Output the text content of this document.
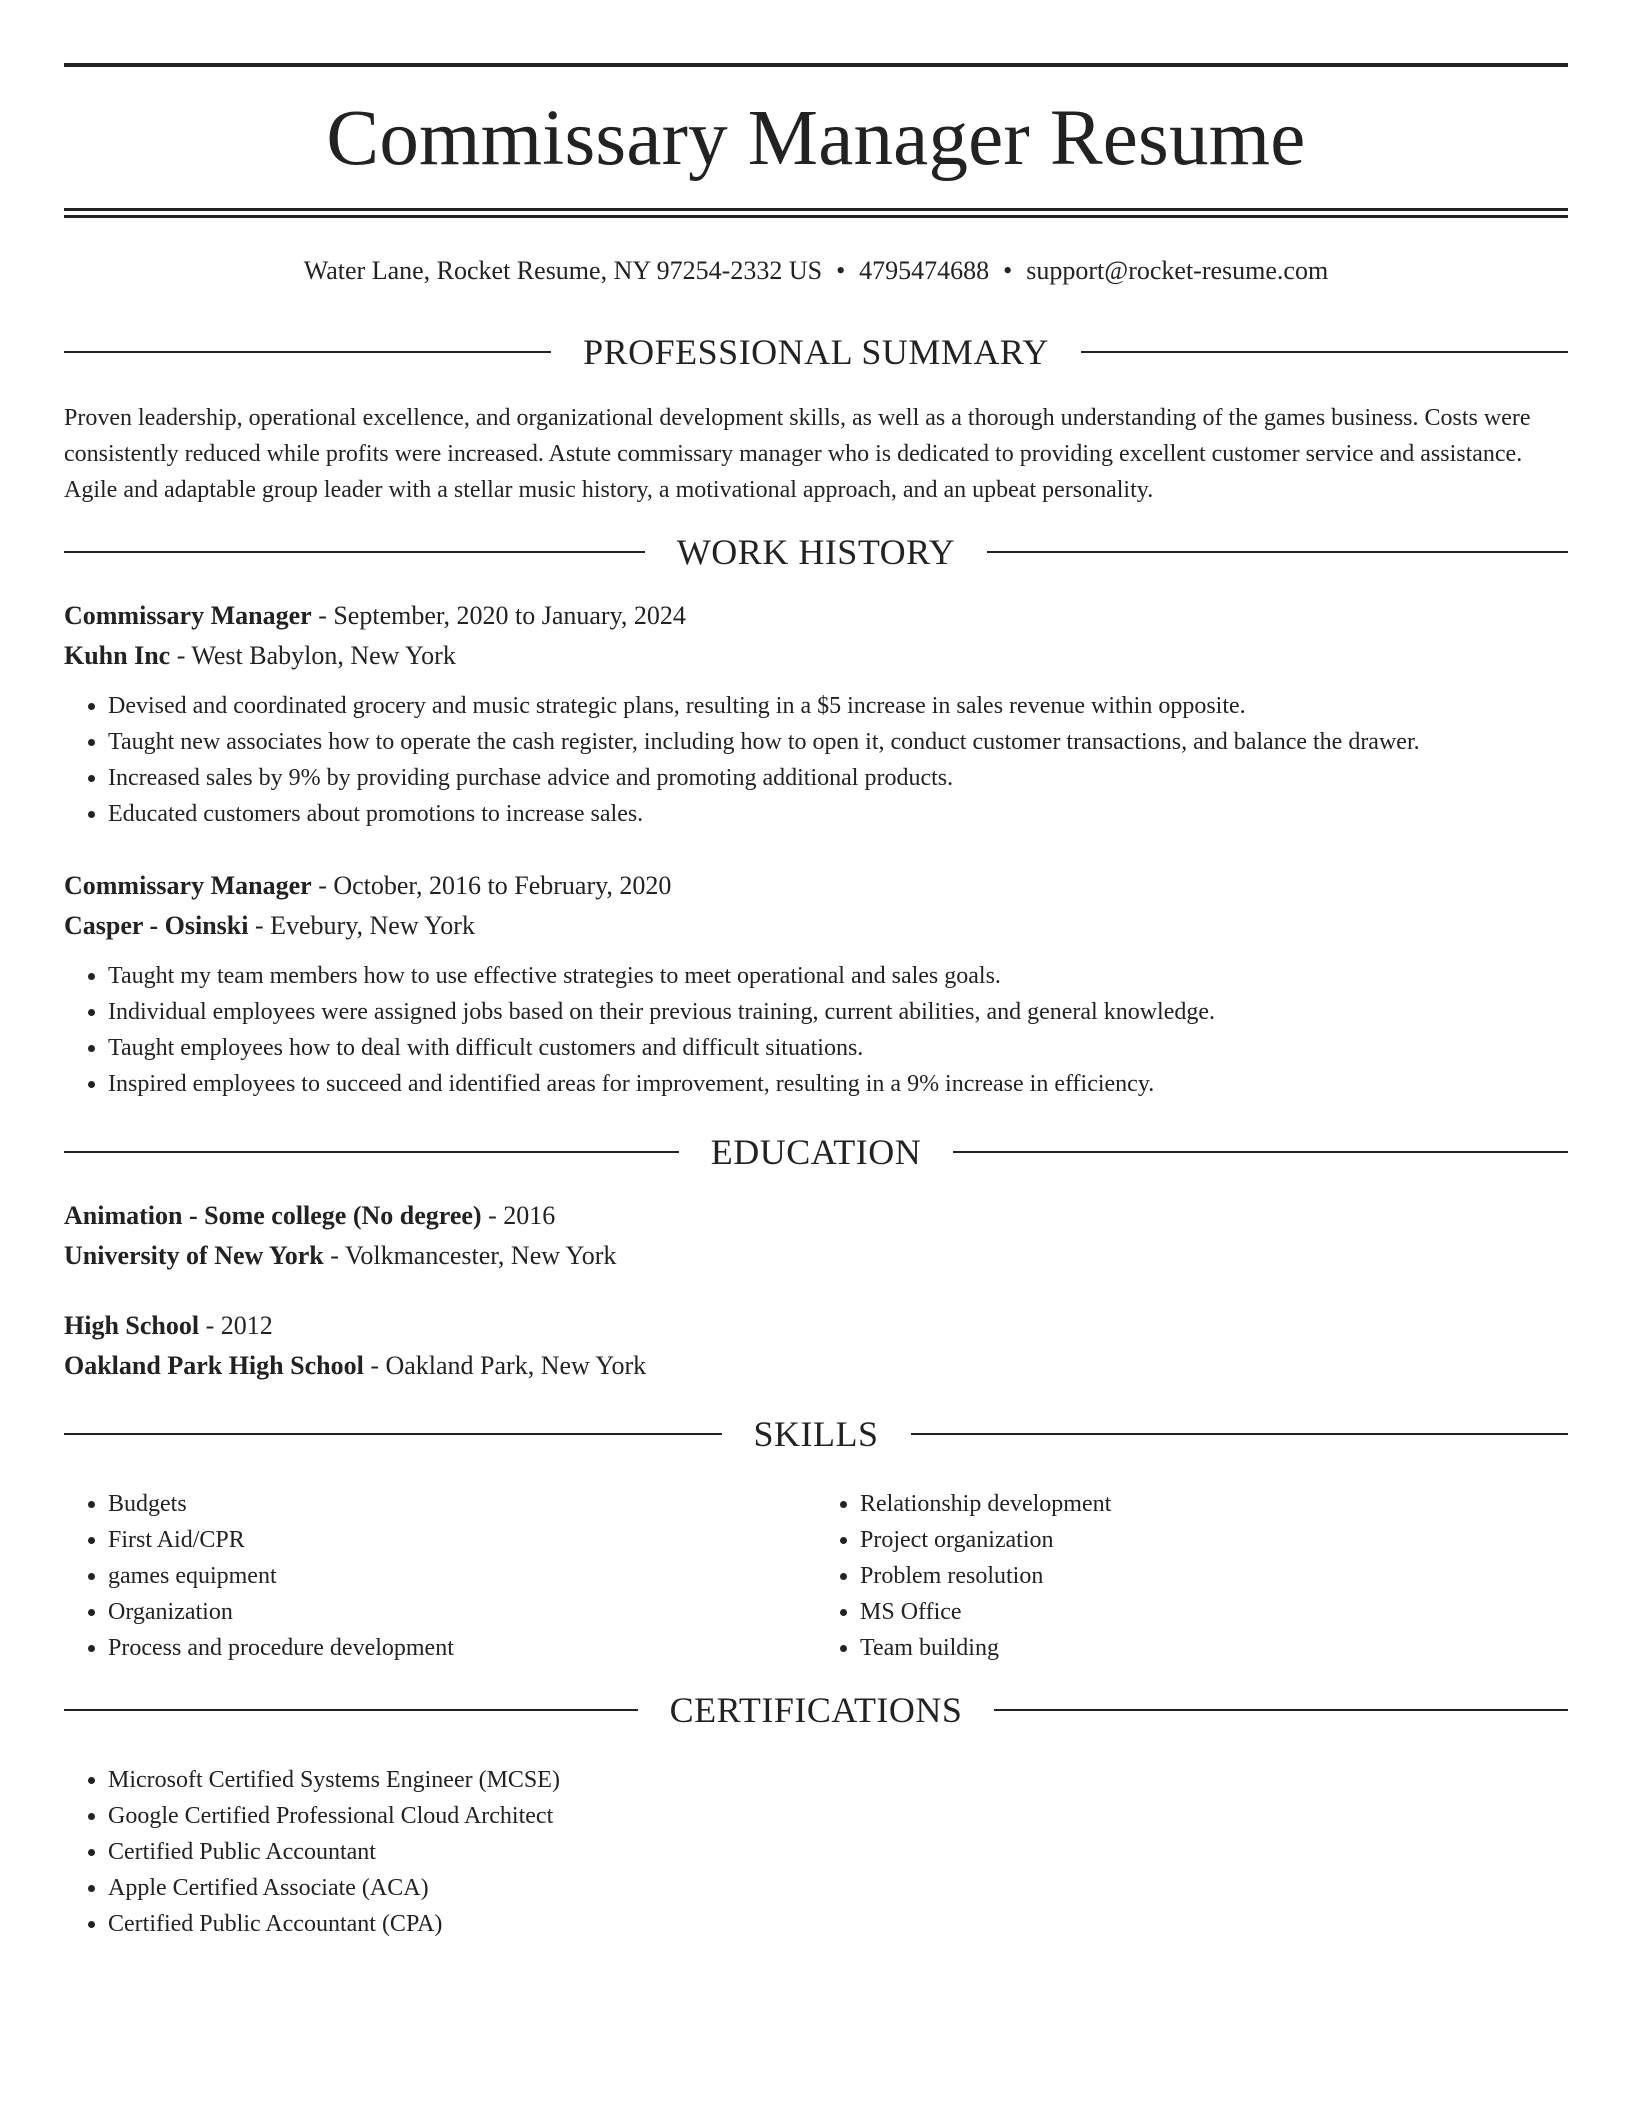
Commissary Manager Resume
Water Lane, Rocket Resume, NY 97254-2332 US • 4795474688 • support@rocket-resume.com
PROFESSIONAL SUMMARY

Proven leadership, operational excellence, and organizational development skills, as well as a thorough understanding of the games business. Costs were consistently reduced while profits were increased. Astute commissary manager who is dedicated to providing excellent customer service and assistance. Agile and adaptable group leader with a stellar music history, a motivational approach, and an upbeat personality.

WORK HISTORY
Commissary Manager - September, 2020 to January, 2024
Kuhn Inc - West Babylon, New York
• Devised and coordinated grocery and music strategic plans, resulting in a $5 increase in sales revenue within opposite.
• Taught new associates how to operate the cash register, including how to open it, conduct customer transactions, and balance the drawer.
• Increased sales by 9% by providing purchase advice and promoting additional products.
• Educated customers about promotions to increase sales.
Commissary Manager - October, 2016 to February, 2020
Casper - Osinski - Evebury, New York
• Taught my team members how to use effective strategies to meet operational and sales goals.
• Individual employees were assigned jobs based on their previous training, current abilities, and general knowledge.
• Taught employees how to deal with difficult customers and difficult situations.
• Inspired employees to succeed and identified areas for improvement, resulting in a 9% increase in efficiency.
EDUCATION
Animation - Some college (No degree) - 2016
University of New York - Volkmancester, New York
High School - 2012
Oakland Park High School - Oakland Park, New York
SKILLS
• Budgets
• First Aid/CPR
• games equipment
• Organization
• Process and procedure development
• Relationship development
• Project organization
• Problem resolution
• MS Office
• Team building
CERTIFICATIONS
• Microsoft Certified Systems Engineer (MCSE)
• Google Certified Professional Cloud Architect
• Certified Public Accountant
• Apple Certified Associate (ACA)
• Certified Public Accountant (CPA)
